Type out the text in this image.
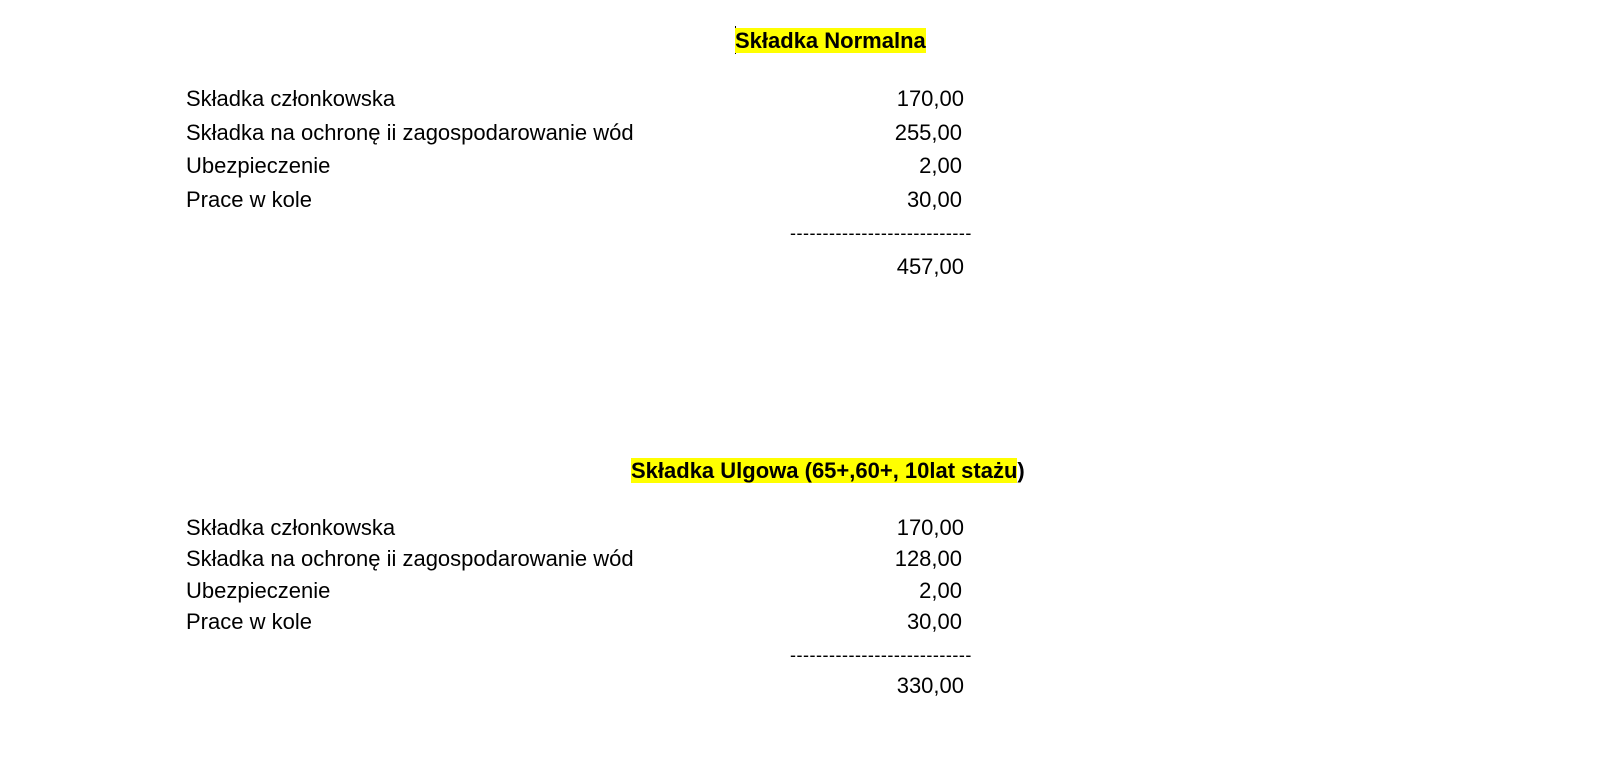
Składka Normalna
Składka członkowska	170,00
Składka na ochronę ii zagospodarowanie wód	255,00
Ubezpieczenie	2,00
Prace w kole	30,00
----------------------------
457,00
Składka Ulgowa (65+,60+, 10lat stażu)
Składka członkowska	170,00
Składka na ochronę ii zagospodarowanie wód	128,00
Ubezpieczenie	2,00
Prace w kole	30,00
----------------------------
330,00
